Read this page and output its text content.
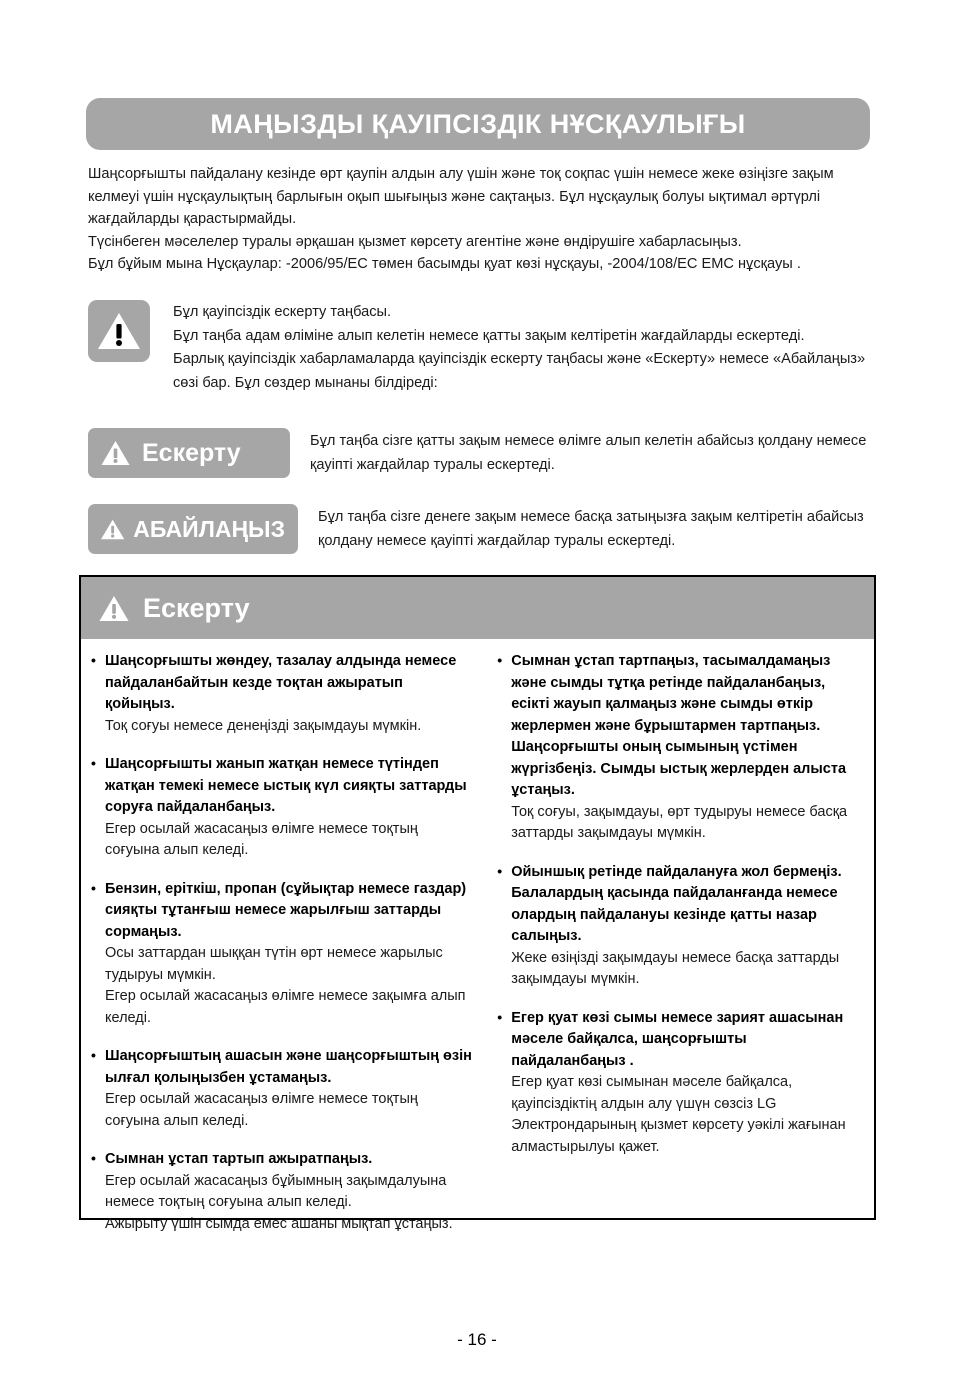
МАҢЫЗДЫ ҚАУІПСІЗДІК НҰСҚАУЛЫҒЫ

Шаңсорғышты пайдалану кезінде өрт қаупін алдын алу үшін және тоқ соқпас үшін немесе жеке өзіңізге зақым келмеуі үшін нұсқаулықтың барлығын оқып шығыңыз және сақтаңыз. Бұл нұсқаулық болуы ықтимал әртүрлі жағдайларды қарастырмайды.

Түсінбеген мәселелер туралы әрқашан қызмет көрсету агентіне және өндірушіге хабарласыңыз.

Бұл бұйым мына Нұсқаулар: -2006/95/EC төмен басымды қуат көзі нұсқауы, -2004/108/EC EMC нұсқауы .

Бұл қауіпсіздік ескерту таңбасы.

Бұл таңба адам өліміне алып келетін немесе қатты зақым келтіретін жағдайларды ескертеді.

Барлық қауіпсіздік хабарламаларда қауіпсіздік ескерту таңбасы және «Ескерту» немесе «Абайлаңыз» сөзі бар. Бұл сөздер мынаны білдіреді:

Ескерту	Бұл таңба сізге қатты зақым немесе өлімге алып келетін абайсыз қолдану немесе қауіпті жағдайлар туралы ескертеді.

АБАЙЛАҢЫЗ Бұл таңба сізге денеге зақым немесе басқа затыңызға зақым келтіретін абайсыз қолдану немесе қауіпті жағдайлар туралы ескертеді.

Ескерту
• Шаңсорғышты жөндеу, тазалау алдында немесе пайдаланбайтын кезде тоқтан ажыратып қойыңыз.
Тоқ соғуы немесе денеңізді зақымдауы мүмкін.
• Шаңсорғышты жанып жатқан немесе түтіндеп жатқан темекі немесе ыстық күл сияқты заттарды соруға пайдаланбаңыз.
Егер осылай жасасаңыз өлімге немесе тоқтың соғуына алып келеді.
• Бензин, еріткіш, пропан (сұйықтар немесе газдар) сияқты тұтанғыш немесе жарылғыш заттарды сормаңыз.

Осы заттардан шыққан түтін өрт немесе жарылыс тудыруы мүмкін.

Егер осылай жасасаңыз өлімге немесе зақымға алып келеді.

• Шаңсорғыштың ашасын және шаңсорғыштың өзін ылғал қолыңызбен ұстамаңыз.
Егер осылай жасасаңыз өлімге немесе тоқтың соғуына алып келеді.
• Сымнан ұстап тартып ажыратпаңыз.

Егер осылай жасасаңыз бұйымның зақымдалуына немесе тоқтың соғуына алып келеді.

Ажырыту үшін сымда емес ашаны мықтап ұстаңыз.

• Сымнан ұстап тартпаңыз, тасымалдамаңыз және сымды тұтқа ретінде пайдаланбаңыз, есікті жауып қалмаңыз және сымды өткір жерлермен және бұрыштармен тартпаңыз. Шаңсорғышты оның сымының үстімен жүргізбеңіз. Сымды ыстық жерлерден алыста ұстаңыз.
Тоқ соғуы, зақымдауы, өрт тудыруы немесе басқа заттарды зақымдауы мүмкін.
• Ойыншық ретінде пайдалануға жол бермеңіз. Балалардың қасында пайдаланғанда немесе олардың пайдалануы кезінде қатты назар салыңыз.
Жеке өзіңізді зақымдауы немесе басқа заттарды зақымдауы мүмкін.
• Егер қуат көзі сымы немесе зарият ашасынан мәселе байқалса, шаңсорғышты пайдаланбаңыз .
Егер қуат көзі сымынан мәселе байқалса, қауіпсіздіктің алдын алу үшүн сөзсіз LG Электрондарының қызмет көрсету уәкілі жағынан алмастырылуы қажет.
- 16 -
